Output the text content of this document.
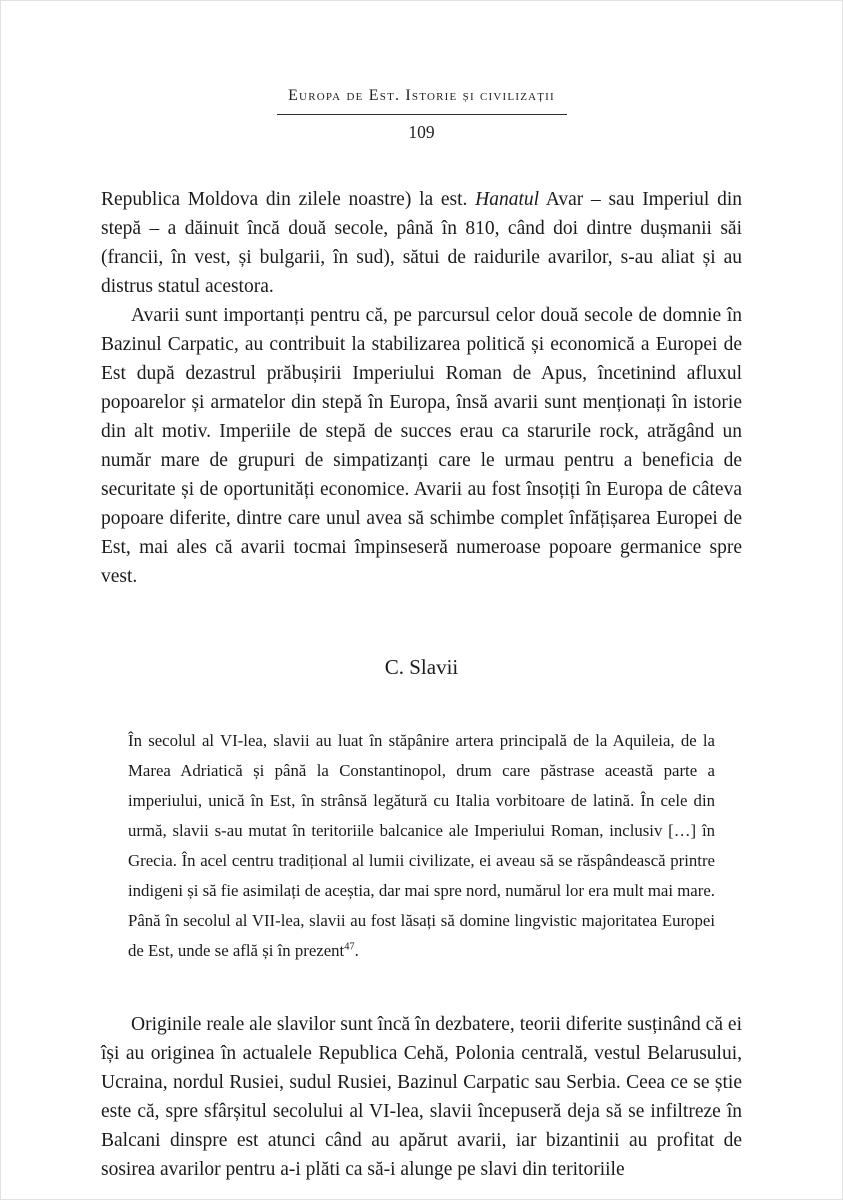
Europa de Est. Istorie și civilizații
109

Republica Moldova din zilele noastre) la est. Hanatul Avar – sau Imperiul din stepă – a dăinuit încă două secole, până în 810, când doi dintre dușmanii săi (francii, în vest, și bulgarii, în sud), sătui de raidurile avarilor, s-au aliat și au distrus statul acestora.

Avarii sunt importanți pentru că, pe parcursul celor două secole de domnie în Bazinul Carpatic, au contribuit la stabilizarea politică și economică a Europei de Est după dezastrul prăbușirii Imperiului Roman de Apus, încetinind afluxul popoarelor și armatelor din stepă în Europa, însă avarii sunt menționați în istorie din alt motiv. Imperiile de stepă de succes erau ca starurile rock, atrăgând un număr mare de grupuri de simpatizanți care le urmau pentru a beneficia de securitate și de oportunități economice. Avarii au fost însoțiți în Europa de câteva popoare diferite, dintre care unul avea să schimbe complet înfățișarea Europei de Est, mai ales că avarii tocmai împinseseră numeroase popoare germanice spre vest.

C. Slavii
În secolul al VI-lea, slavii au luat în stăpânire artera principală de la Aquileia, de la Marea Adriatică și până la Constantinopol, drum care păstrase această parte a imperiului, unică în Est, în strânsă legătură cu Italia vorbitoare de latină. În cele din urmă, slavii s-au mutat în teritoriile balcanice ale Imperiului Roman, inclusiv […] în Grecia. În acel centru tradițional al lumii civilizate, ei aveau să se răspândească printre indigeni și să fie asimilați de aceștia, dar mai spre nord, numărul lor era mult mai mare. Până în secolul al VII-lea, slavii au fost lăsați să domine lingvistic majoritatea Europei de Est, unde se află și în prezent$^{47}$.

Originile reale ale slavilor sunt încă în dezbatere, teorii diferite susținând că ei își au originea în actualele Republica Cehă, Polonia centrală, vestul Belarusului, Ucraina, nordul Rusiei, sudul Rusiei, Bazinul Carpatic sau Serbia. Ceea ce se știe este că, spre sfârșitul secolului al VI-lea, slavii începuseră deja să se infiltreze în Balcani dinspre est atunci când au apărut avarii, iar bizantinii au profitat de sosirea avarilor pentru a-i plăti ca să-i alunge pe slavi din teritoriile
